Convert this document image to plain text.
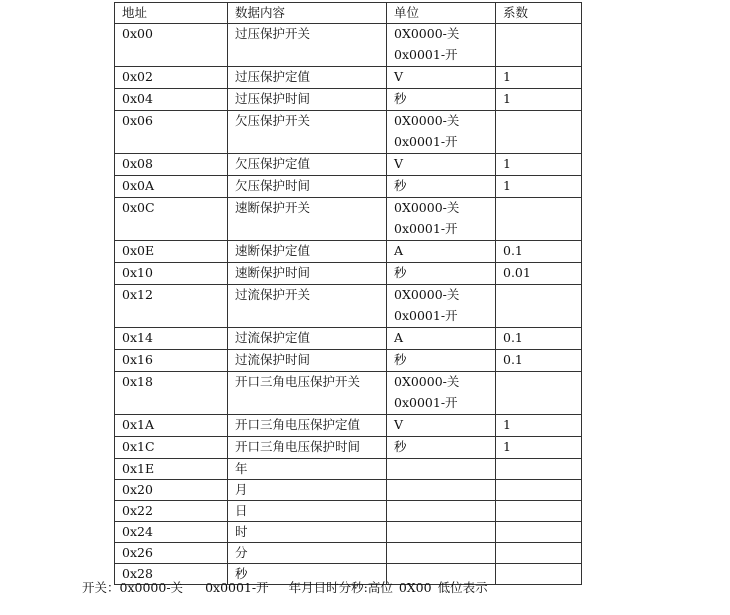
地址	数据内容	单位	系数
0x00	过压保护开关	0X0000-关
0x0001-开	

0x02	过压保护定值	V	1
0x04	过压保护时间	秒	1
0x06	欠压保护开关	0X0000-关
0x0001-开	

0x08	欠压保护定值	V	1
0x0A	欠压保护时间	秒	1
0x0C	速断保护开关	0X0000-关
0x0001-开	

0x0E	速断保护定值	A	0.1
0x10	速断保护时间	秒	0.01
0x12	过流保护开关	0X0000-关
0x0001-开	

0x14	过流保护定值	A	0.1
0x16	过流保护时间	秒	0.1
0x18	开口三角电压保护开关	0X0000-关
0x0001-开	

0x1A	开口三角电压保护定值	V	1
0x1C	开口三角电压保护时间	秒	1
0x1E	年		
0x20	月		
0x22	日		
0x24	时		
0x26	分		
0x28	秒		
开关：0x0000-关 0x0001-开 年月日时分秒:高位 0X00 低位表示
